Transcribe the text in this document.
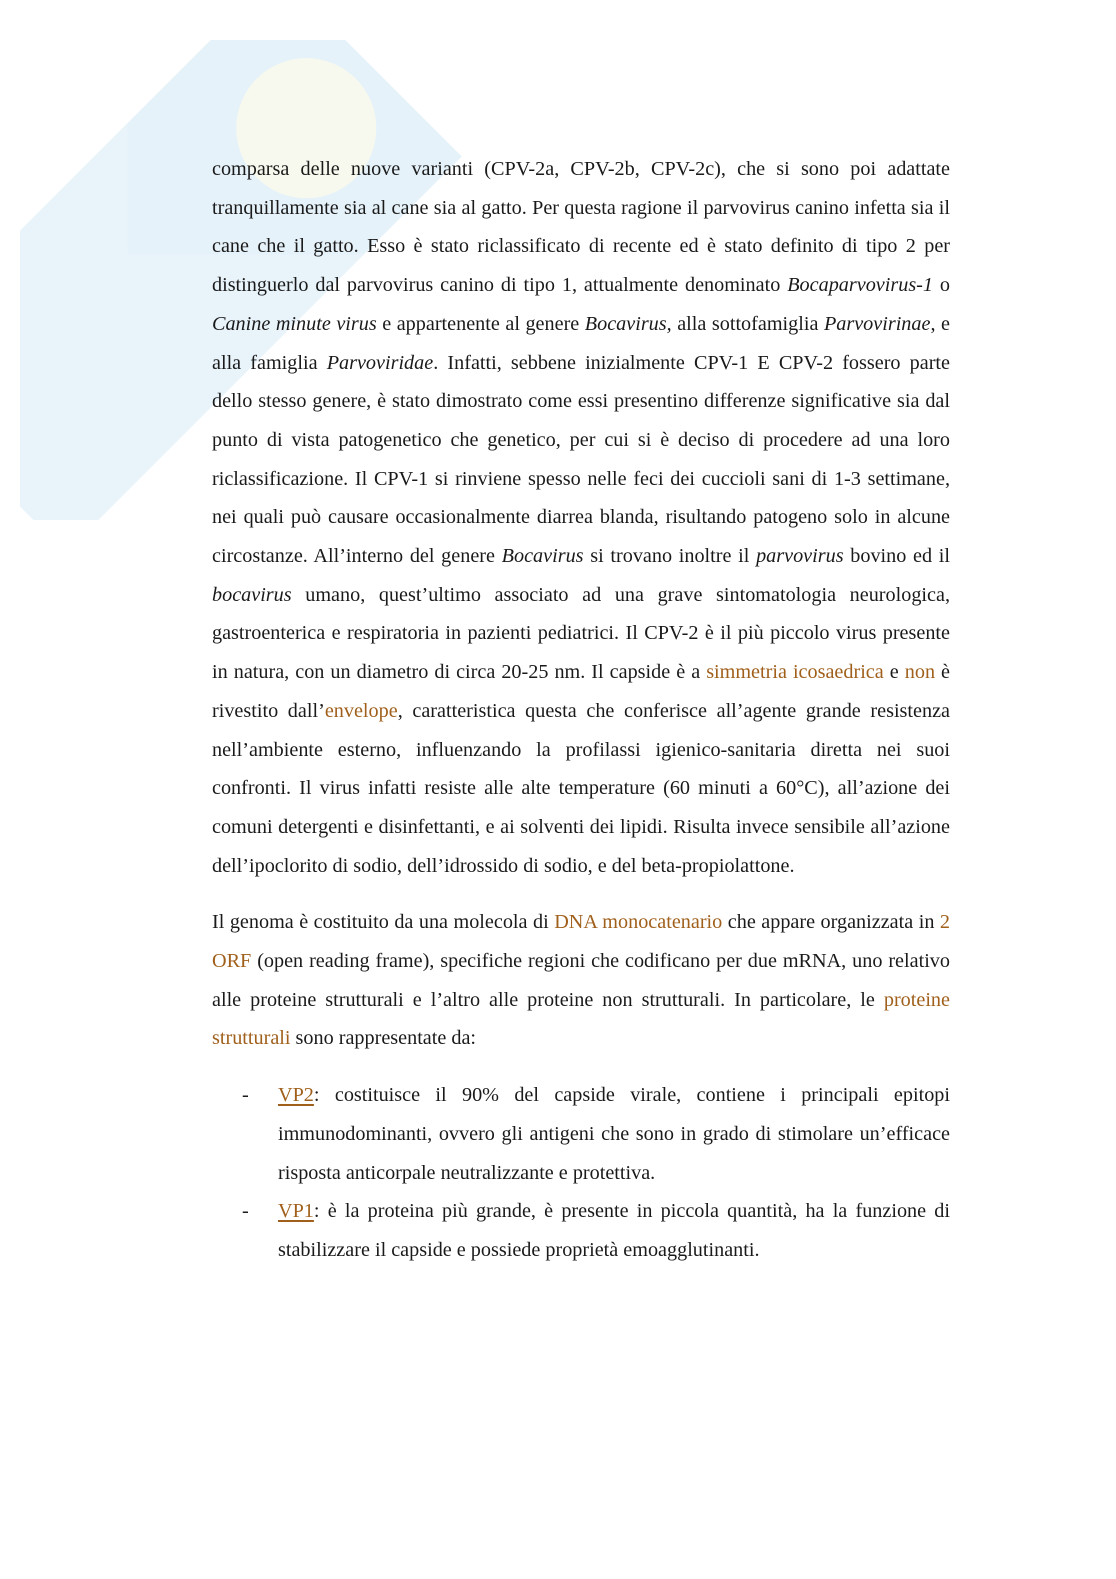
comparsa delle nuove varianti (CPV-2a, CPV-2b, CPV-2c), che si sono poi adattate tranquillamente sia al cane sia al gatto. Per questa ragione il parvovirus canino infetta sia il cane che il gatto. Esso è stato riclassificato di recente ed è stato definito di tipo 2 per distinguerlo dal parvovirus canino di tipo 1, attualmente denominato Bocaparvovirus-1 o Canine minute virus e appartenente al genere Bocavirus, alla sottofamiglia Parvovirinae, e alla famiglia Parvoviridae. Infatti, sebbene inizialmente CPV-1 E CPV-2 fossero parte dello stesso genere, è stato dimostrato come essi presentino differenze significative sia dal punto di vista patogenetico che genetico, per cui si è deciso di procedere ad una loro riclassificazione. Il CPV-1 si rinviene spesso nelle feci dei cuccioli sani di 1-3 settimane, nei quali può causare occasionalmente diarrea blanda, risultando patogeno solo in alcune circostanze. All’interno del genere Bocavirus si trovano inoltre il parvovirus bovino ed il bocavirus umano, quest’ultimo associato ad una grave sintomatologia neurologica, gastroenterica e respiratoria in pazienti pediatrici. Il CPV-2 è il più piccolo virus presente in natura, con un diametro di circa 20-25 nm. Il capside è a simmetria icosaedrica e non è rivestito dall’envelope, caratteristica questa che conferisce all’agente grande resistenza nell’ambiente esterno, influenzando la profilassi igienico-sanitaria diretta nei suoi confronti. Il virus infatti resiste alle alte temperature (60 minuti a 60°C), all’azione dei comuni detergenti e disinfettanti, e ai solventi dei lipidi. Risulta invece sensibile all’azione dell’ipoclorito di sodio, dell’idrossido di sodio, e del beta-propiolattone.

Il genoma è costituito da una molecola di DNA monocatenario che appare organizzata in 2 ORF (open reading frame), specifiche regioni che codificano per due mRNA, uno relativo alle proteine strutturali e l’altro alle proteine non strutturali. In particolare, le proteine strutturali sono rappresentate da:

- VP2: costituisce il 90% del capside virale, contiene i principali epitopi immunodominanti, ovvero gli antigeni che sono in grado di stimolare un’efficace risposta anticorpale neutralizzante e protettiva.
- VP1: è la proteina più grande, è presente in piccola quantità, ha la funzione di stabilizzare il capside e possiede proprietà emoagglutinanti.
